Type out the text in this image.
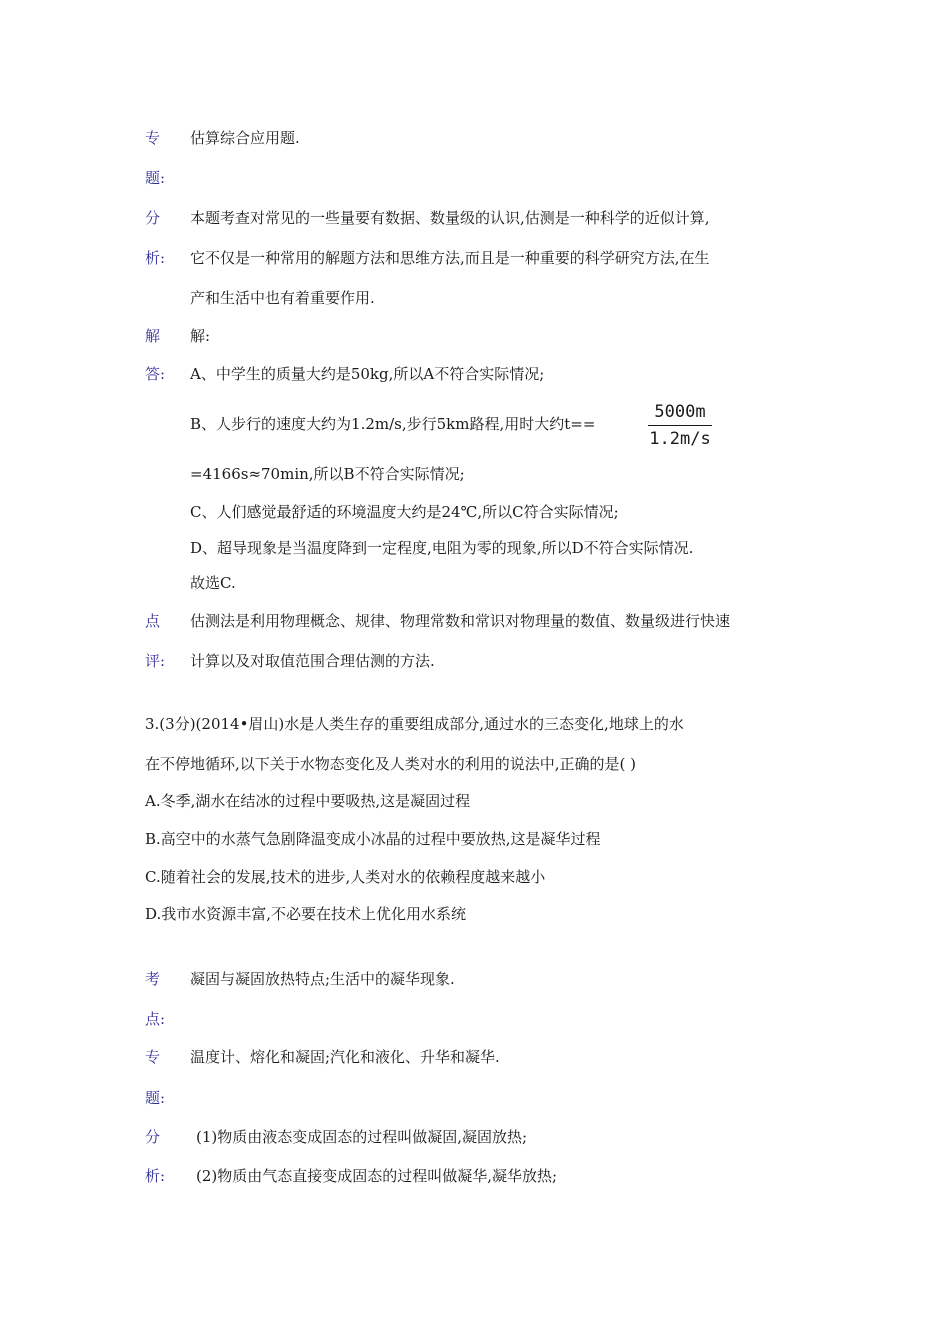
专 估算综合应用题.
题:
分 本题考查对常见的一些量要有数据、数量级的认识,估测是一种科学的近似计算,
析: 它不仅是一种常用的解题方法和思维方法,而且是一种重要的科学研究方法,在生
产和生活中也有着重要作用.
解 解:
答: A、中学生的质量大约是50kg,所以A不符合实际情况;
B、人步行的速度大约为1.2m/s,步行5km路程,用时大约t==
5000m
1.2m/s
=4166s≈70min,所以B不符合实际情况;
C、人们感觉最舒适的环境温度大约是24℃,所以C符合实际情况;
D、超导现象是当温度降到一定程度,电阻为零的现象,所以D不符合实际情况.
故选C.
点 估测法是利用物理概念、规律、物理常数和常识对物理量的数值、数量级进行快速
评: 计算以及对取值范围合理估测的方法.
3.(3分)(2014•眉山)水是人类生存的重要组成部分,通过水的三态变化,地球上的水
在不停地循环,以下关于水物态变化及人类对水的利用的说法中,正确的是( )
A.冬季,湖水在结冰的过程中要吸热,这是凝固过程
B.高空中的水蒸气急剧降温变成小冰晶的过程中要放热,这是凝华过程
C.随着社会的发展,技术的进步,人类对水的依赖程度越来越小
D.我市水资源丰富,不必要在技术上优化用水系统
考 凝固与凝固放热特点;生活中的凝华现象.
点:
专 温度计、熔化和凝固;汽化和液化、升华和凝华.
题:
分 (1)物质由液态变成固态的过程叫做凝固,凝固放热;
析: (2)物质由气态直接变成固态的过程叫做凝华,凝华放热;
